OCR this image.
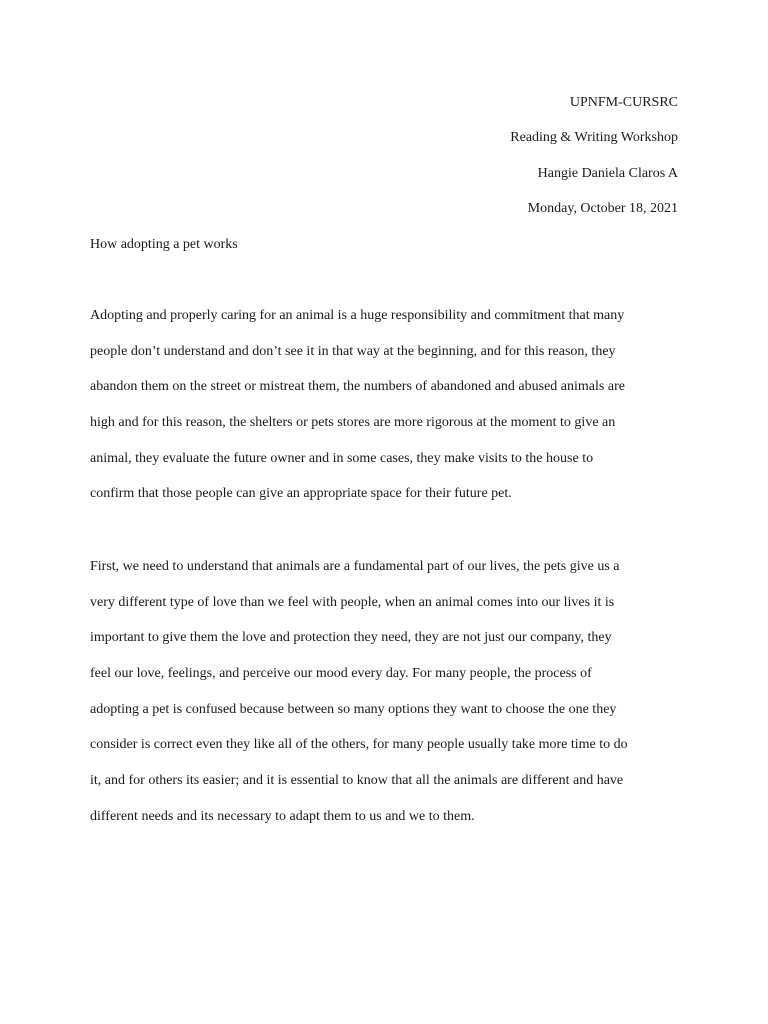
UPNFM-CURSRC
Reading & Writing Workshop
Hangie Daniela Claros A
Monday, October 18, 2021
How adopting a pet works
Adopting and properly caring for an animal is a huge responsibility and commitment that many
people don’t understand and don’t see it in that way at the beginning, and for this reason, they
abandon them on the street or mistreat them, the numbers of abandoned and abused animals are
high and for this reason, the shelters or pets stores are more rigorous at the moment to give an
animal, they evaluate the future owner and in some cases, they make visits to the house to
confirm that those people can give an appropriate space for their future pet.
First, we need to understand that animals are a fundamental part of our lives, the pets give us a
very different type of love than we feel with people, when an animal comes into our lives it is
important to give them the love and protection they need, they are not just our company, they
feel our love, feelings, and perceive our mood every day. For many people, the process of
adopting a pet is confused because between so many options they want to choose the one they
consider is correct even they like all of the others, for many people usually take more time to do
it, and for others its easier; and it is essential to know that all the animals are different and have
different needs and its necessary to adapt them to us and we to them.
